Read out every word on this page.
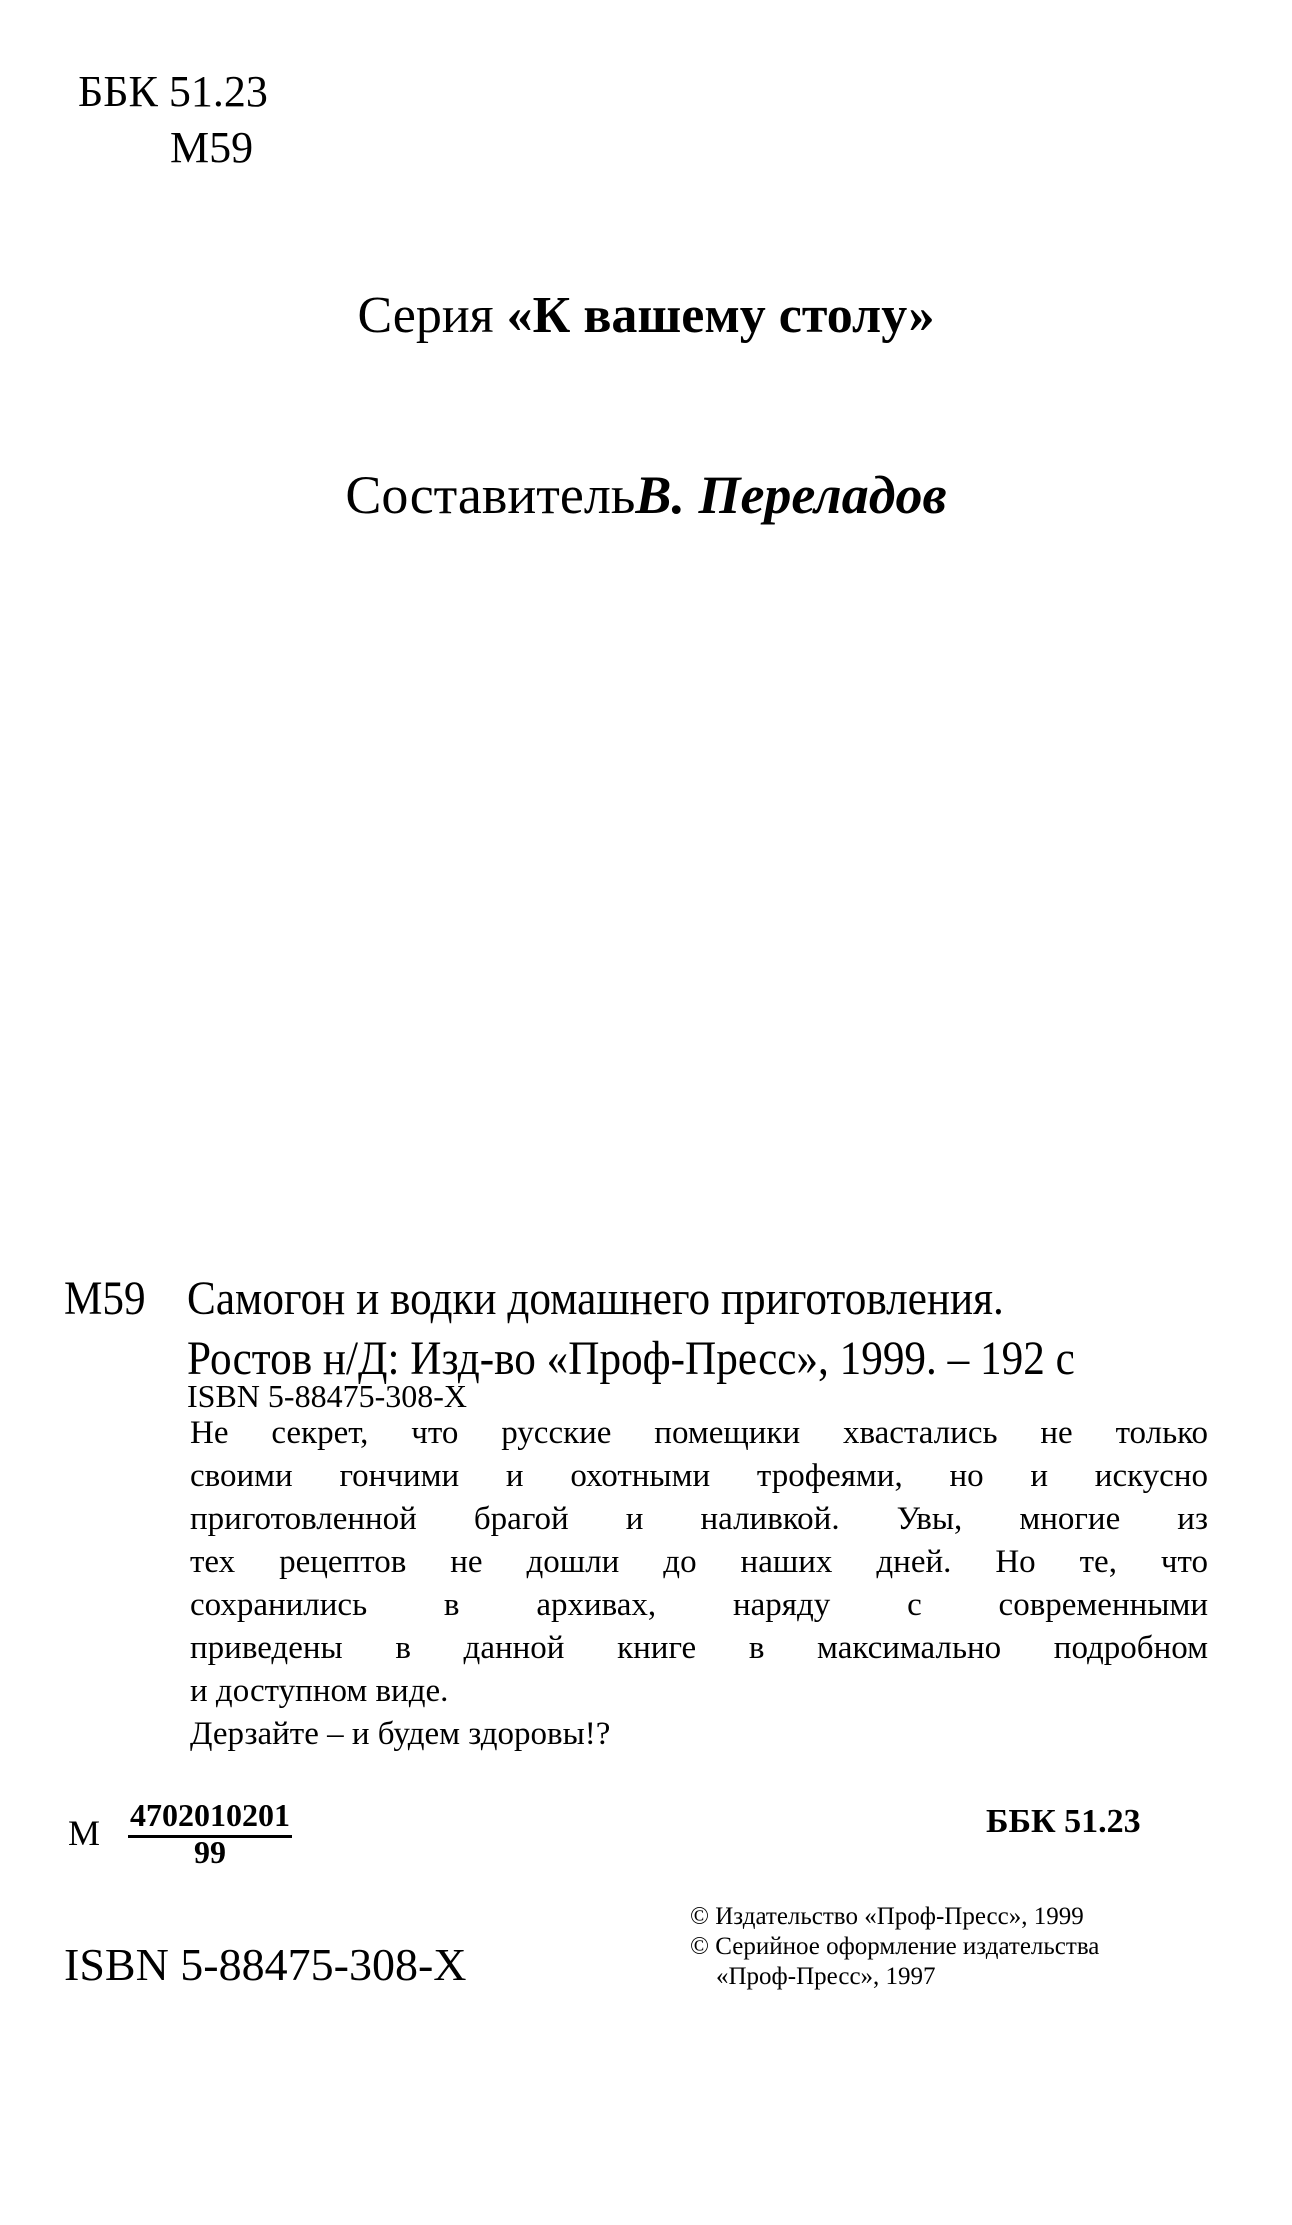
ББК 51.23
М59
Серия «К вашему столу»
СоставительВ. Переладов
М59 Самогон и водки домашнего приготовления.
Ростов н/Д: Изд-во «Проф-Пресс», 1999. – 192 с
ISBN 5-88475-308-Х
Не секрет, что русские помещики хвастались не только
своими гончими и охотными трофеями, но и искусно
приготовленной брагой и наливкой. Увы, многие из
тех рецептов не дошли до наших дней. Но те, что
сохранились в архивах, наряду с современными
приведены в данной книге в максимально подробном
и доступном виде.
Дерзайте – и будем здоровы!?
М $\frac{4702010201}{99}$	ББК 51.23
ISBN 5-88475-308-Х
© Издательство «Проф-Пресс», 1999
© Серийное оформление издательства
«Проф-Пресс», 1997
